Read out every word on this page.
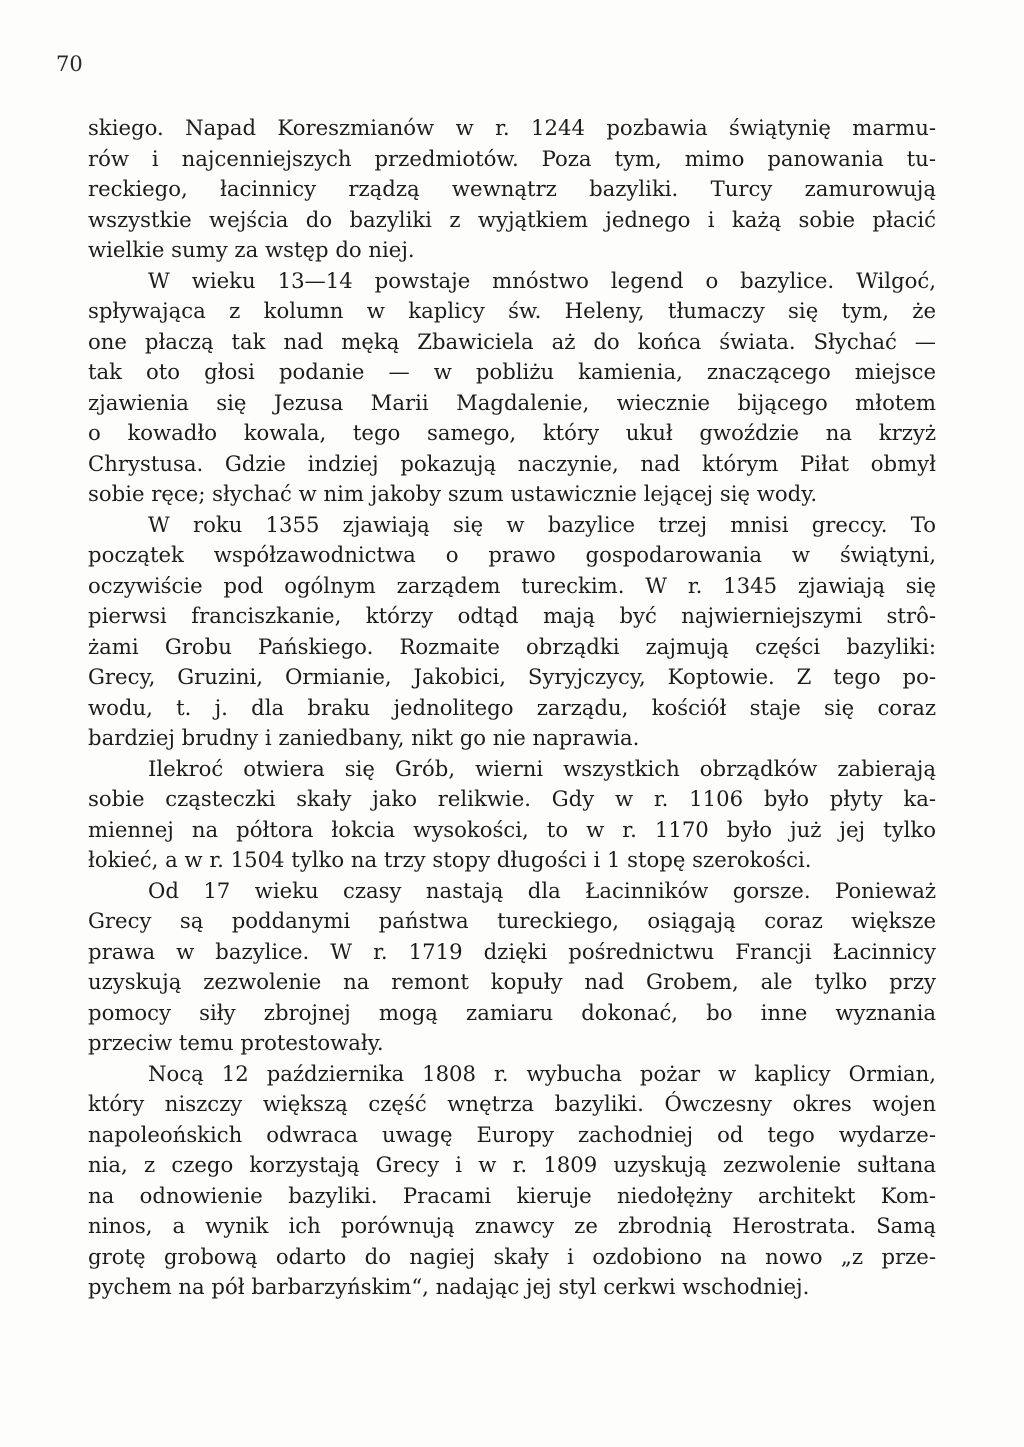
70
skiego. Napad Koreszmianów w r. 1244 pozbawia świątynię marmu-
rów i najcenniejszych przedmiotów. Poza tym, mimo panowania tu-
reckiego, łacinnicy rządzą wewnątrz bazyliki. Turcy zamurowują
wszystkie wejścia do bazyliki z wyjątkiem jednego i każą sobie płacić
wielkie sumy za wstęp do niej.
W wieku 13—14 powstaje mnóstwo legend o bazylice. Wilgoć,
spływająca z kolumn w kaplicy św. Heleny, tłumaczy się tym, że
one płaczą tak nad męką Zbawiciela aż do końca świata. Słychać —
tak oto głosi podanie — w pobliżu kamienia, znaczącego miejsce
zjawienia się Jezusa Marii Magdalenie, wiecznie bijącego młotem
o kowadło kowala, tego samego, który ukuł gwoździe na krzyż
Chrystusa. Gdzie indziej pokazują naczynie, nad którym Piłat obmył
sobie ręce; słychać w nim jakoby szum ustawicznie lejącej się wody.
W roku 1355 zjawiają się w bazylice trzej mnisi greccy. To
początek współzawodnictwa o prawo gospodarowania w świątyni,
oczywiście pod ogólnym zarządem tureckim. W r. 1345 zjawiają się
pierwsi franciszkanie, którzy odtąd mają być najwierniejszymi strô-
żami Grobu Pańskiego. Rozmaite obrządki zajmują części bazyliki:
Grecy, Gruzini, Ormianie, Jakobici, Syryjczycy, Koptowie. Z tego po-
wodu, t. j. dla braku jednolitego zarządu, kościół staje się coraz
bardziej brudny i zaniedbany, nikt go nie naprawia.
Ilekroć otwiera się Grób, wierni wszystkich obrządków zabierają
sobie cząsteczki skały jako relikwie. Gdy w r. 1106 było płyty ka-
miennej na półtora łokcia wysokości, to w r. 1170 było już jej tylko
łokieć, a w r. 1504 tylko na trzy stopy długości i 1 stopę szerokości.
Od 17 wieku czasy nastają dla Łacinników gorsze. Ponieważ
Grecy są poddanymi państwa tureckiego, osiągają coraz większe
prawa w bazylice. W r. 1719 dzięki pośrednictwu Francji Łacinnicy
uzyskują zezwolenie na remont kopuły nad Grobem, ale tylko przy
pomocy siły zbrojnej mogą zamiaru dokonać, bo inne wyznania
przeciw temu protestowały.
Nocą 12 października 1808 r. wybucha pożar w kaplicy Ormian,
który niszczy większą część wnętrza bazyliki. Ówczesny okres wojen
napoleońskich odwraca uwagę Europy zachodniej od tego wydarze-
nia, z czego korzystają Grecy i w r. 1809 uzyskują zezwolenie sułtana
na odnowienie bazyliki. Pracami kieruje niedołężny architekt Kom-
ninos, a wynik ich porównują znawcy ze zbrodnią Herostrata. Samą
grotę grobową odarto do nagiej skały i ozdobiono na nowo „z prze-
pychem na pół barbarzyńskim“, nadając jej styl cerkwi wschodniej.
